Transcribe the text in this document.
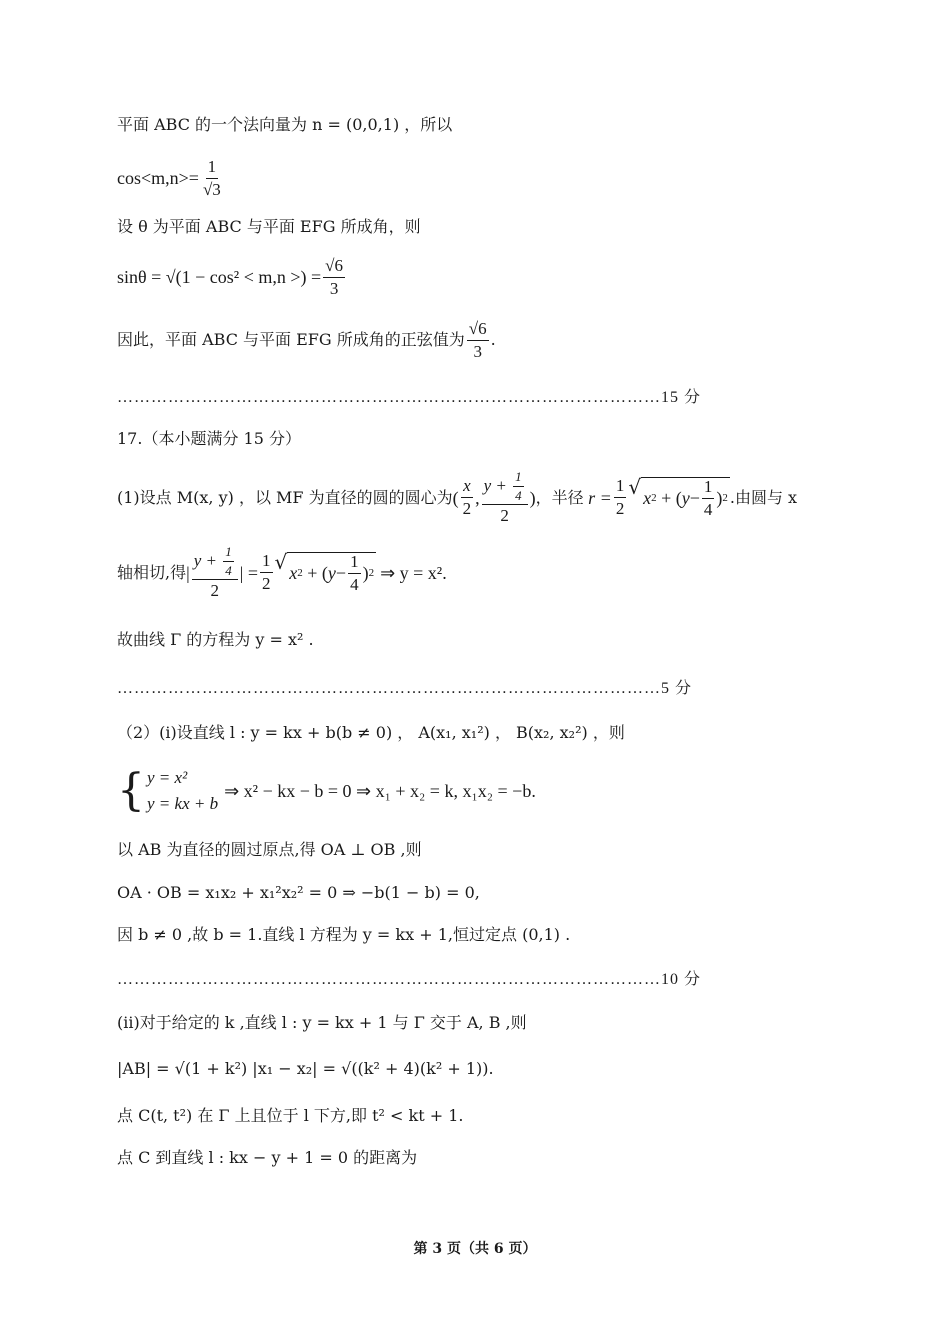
平面 ABC 的一个法向量为 n = (0,0,1) ，所以
$\cos<m,n>= \frac{1}{√3}$
设 θ 为平面 ABC 与平面 EFG 所成角，则
sinθ = √(1 − cos² < m,n >) = $\frac{√6}{3}$
因此，平面 ABC 与平面 EFG 所成角的正弦值为 $\frac{√6}{3}$ .
……………………………………………………………………………………15 分
17.（本小题满分 15 分）
(1)设点 M(x, y) ，以 MF 为直径的圆的圆心为 ( $\frac{x}{2}$ , $\frac{y + \frac{1}{4}}{2}$ ) ，半径 $r = \frac{1}{2}$ √ x 2 + ( $y - \frac{1}{4}$ ) 2 .由圆与 x
轴相切,得 | $\frac{y + \frac{1}{4}}{2}$ | = $\frac{1}{2}$ √ x 2 + ( $y - \frac{1}{4}$ ) 2 ⇒ y = x².
故曲线 Γ 的方程为 y = x² .
……………………………………………………………………………………5 分
（2）(i)设直线 l : y = kx + b(b ≠ 0) ， A(x₁, x₁²) ， B(x₂, x₂²) ，则
{ y = x²
y = kx + b
⇒ x² − kx − b = 0 ⇒ x₁ + x₂ = k, x₁x₂ = −b.
以 AB 为直径的圆过原点,得 OA ⊥ OB ,则
OA · OB = x₁x₂ + x₁²x₂² = 0 ⇒ −b(1 − b) = 0,
因 b ≠ 0 ,故 b = 1.直线 l 方程为 y = kx + 1,恒过定点 (0,1) .
……………………………………………………………………………………10 分
(ii)对于给定的 k ,直线 l : y = kx + 1 与 Γ 交于 A, B ,则
|AB| = √(1 + k²) |x₁ − x₂| = √((k² + 4)(k² + 1)).
点 C(t, t²) 在 Γ 上且位于 l 下方,即 t² < kt + 1.
点 C 到直线 l : kx − y + 1 = 0 的距离为
第 3 页（共 6 页）
